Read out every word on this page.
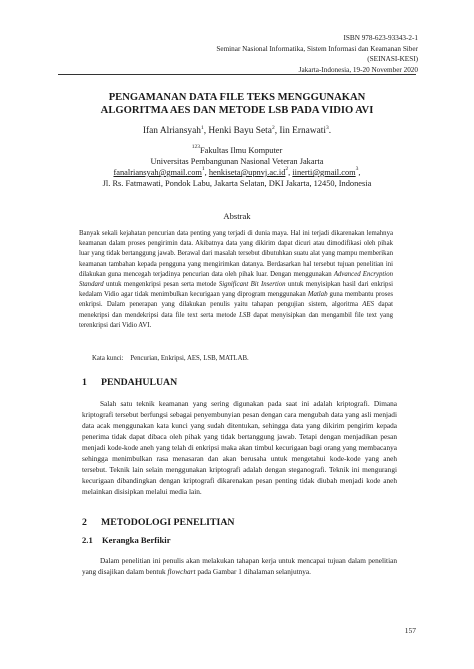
ISBN 978-623-93343-2-1
Seminar Nasional Informatika, Sistem Informasi dan Keamanan Siber
(SEINASI-KESI)
Jakarta-Indonesia, 19-20 November 2020
PENGAMANAN DATA FILE TEKS MENGGUNAKAN
ALGORITMA AES DAN METODE LSB PADA VIDIO AVI
Ifan Alriansyah$^1$, Henki Bayu Seta$^2$, Iin Ernawati$^3$.
$^{123}$Fakultas Ilmu Komputer
Universitas Pembangunan Nasional Veteran Jakarta
fanalriansyah@gmail.com$^1$, $henkiseta@upnvj.ac.id^2$, iinerti@gmail.com$^3$,
Jl. Rs. Fatmawati, Pondok Labu, Jakarta Selatan, DKI Jakarta, 12450, Indonesia
Abstrak
Banyak sekali kejahatan pencurian data penting yang terjadi di dunia maya. Hal ini terjadi dikarenakan lemahnya keamanan dalam proses pengirimin data. Akibatnya data yang dikirim dapat dicuri atau dimodifikasi oleh pihak luar yang tidak bertanggung jawab. Berawal dari masalah tersebut dibutuhkan suatu alat yang mampu memberikan keamanan tambahan kepada pengguna yang mengirimkan datanya. Berdasarkan hal tersebut tujuan penelitian ini dilakukan guna mencegah terjadinya pencurian data oleh pihak luar. Dengan menggunakan Advanced Encryption Standard untuk mengenkripsi pesan serta metode Significant Bit Insertion untuk menyisipkan hasil dari enkripsi kedalam Vidio agar tidak menimbulkan kecurigaan yang diprogram menggunakan Matlab guna membantu proses enkripsi. Dalam penerapan yang dilakukan penulis yaitu tahapan pengujian sistem, algoritma AES dapat menekripsi dan mendekripsi data file text serta metode LSB dapat menyisipkan dan mengambil file text yang terenkripsi dari Vidio AVI.
Kata kunci: Pencurian, Enkripsi, AES, LSB, MATLAB.
1 PENDAHULUAN

Salah satu teknik keamanan yang sering digunakan pada saat ini adalah kriptografi. Dimana kriptografi tersebut berfungsi sebagai penyembunyian pesan dengan cara mengubah data yang asli menjadi data acak menggunakan kata kunci yang sudah ditentukan, sehingga data yang dikirim pengirim kepada penerima tidak dapat dibaca oleh pihak yang tidak bertanggung jawab. Tetapi dengan menjadikan pesan menjadi kode-kode aneh yang telah di enkripsi maka akan timbul kecurigaan bagi orang yang membacanya sehingga menimbulkan rasa menasaran dan akan berusaha untuk mengetahui kode-kode yang aneh tersebut. Teknik lain selain menggunakan kriptografi adalah dengan steganografi. Teknik ini mengurangi kecurigaan dibandingkan dengan kriptografi dikarenakan pesan penting tidak diubah menjadi kode aneh melainkan disisipkan melalui media lain.

2 METODOLOGI PENELITIAN
2.1 Kerangka Berfikir

Dalam penelitian ini penulis akan melakukan tahapan kerja untuk mencapai tujuan dalam penelitian yang disajikan dalam bentuk flowchart pada Gambar 1 dihalaman selanjutnya.

157
